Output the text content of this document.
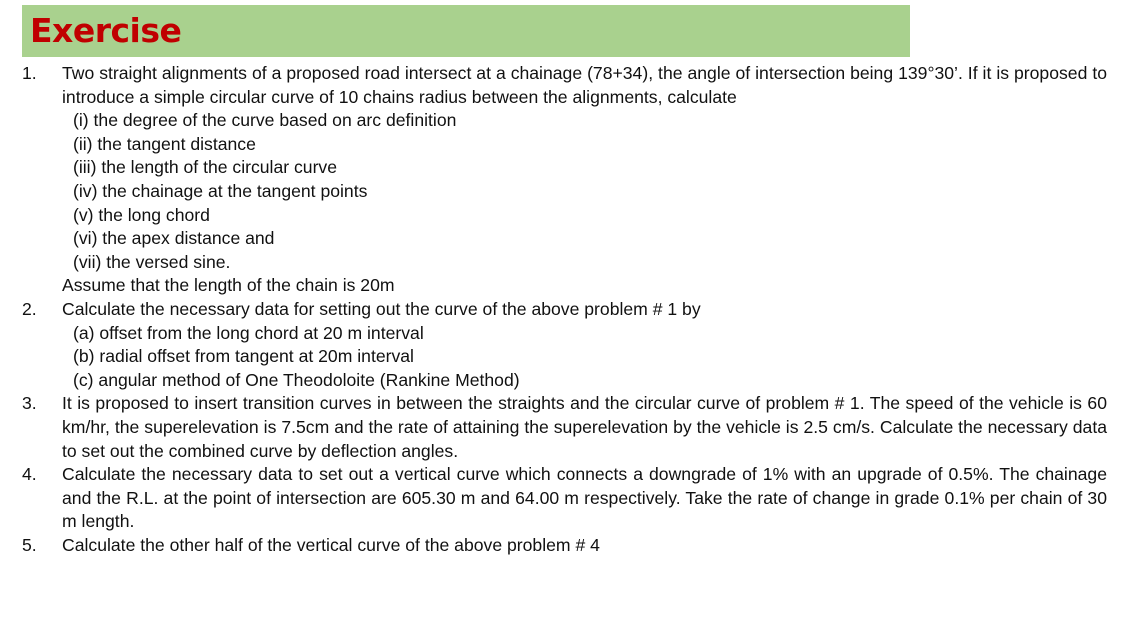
Exercise
1. Two straight alignments of a proposed road intersect at a chainage (78+34), the angle of intersection being 139°30’. If it is proposed to introduce a simple circular curve of 10 chains radius between the alignments, calculate
(i) the degree of the curve based on arc definition
(ii) the tangent distance
(iii) the length of the circular curve
(iv) the chainage at the tangent points
(v) the long chord
(vi) the apex distance and
(vii) the versed sine.
Assume that the length of the chain is 20m
2. Calculate the necessary data for setting out the curve of the above problem # 1 by
(a) offset from the long chord at 20 m interval
(b) radial offset from tangent at 20m interval
(c) angular method of One Theodoloite (Rankine Method)
3. It is proposed to insert transition curves in between the straights and the circular curve of problem # 1. The speed of the vehicle is 60 km/hr, the superelevation is 7.5cm and the rate of attaining the superelevation by the vehicle is 2.5 cm/s. Calculate the necessary data to set out the combined curve by deflection angles.
4. Calculate the necessary data to set out a vertical curve which connects a downgrade of 1% with an upgrade of 0.5%. The chainage and the R.L. at the point of intersection are 605.30 m and 64.00 m respectively. Take the rate of change in grade 0.1% per chain of 30 m length.
5. Calculate the other half of the vertical curve of the above problem # 4
